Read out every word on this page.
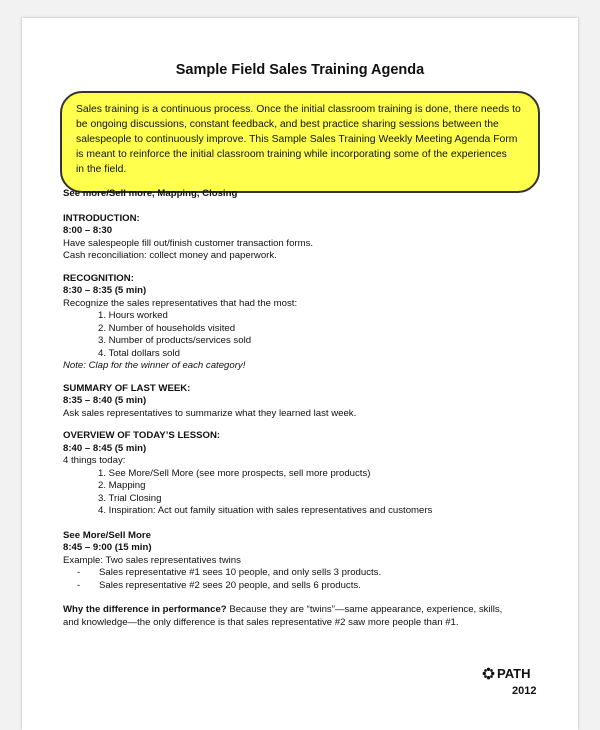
Sample Field Sales Training Agenda
Sales training is a continuous process. Once the initial classroom training is done, there needs to
be ongoing discussions, constant feedback, and best practice sharing sessions between the
salespeople to continuously improve. This Sample Sales Training Weekly Meeting Agenda Form
is meant to reinforce the initial classroom training while incorporating some of the experiences
in the field.
See more/Sell more, Mapping, Closing
INTRODUCTION:
8:00 – 8:30
Have salespeople fill out/finish customer transaction forms.
Cash reconciliation: collect money and paperwork.
RECOGNITION:
8:30 – 8:35 (5 min)
Recognize the sales representatives that had the most:
1. Hours worked
2. Number of households visited
3. Number of products/services sold
4. Total dollars sold
Note: Clap for the winner of each category!
SUMMARY OF LAST WEEK:
8:35 – 8:40 (5 min)
Ask sales representatives to summarize what they learned last week.
OVERVIEW OF TODAY’S LESSON:
8:40 – 8:45 (5 min)
4 things today:
1. See More/Sell More (see more prospects, sell more products)
2. Mapping
3. Trial Closing
4. Inspiration: Act out family situation with sales representatives and customers
See More/Sell More
8:45 – 9:00 (15 min)
Example: Two sales representatives twins
- Sales representative #1 sees 10 people, and only sells 3 products.
- Sales representative #2 sees 20 people, and sells 6 products.
Why the difference in performance? Because they are “twins”—same appearance, experience, skills,
and knowledge—the only difference is that sales representative #2 saw more people than #1.
PATH
2012
